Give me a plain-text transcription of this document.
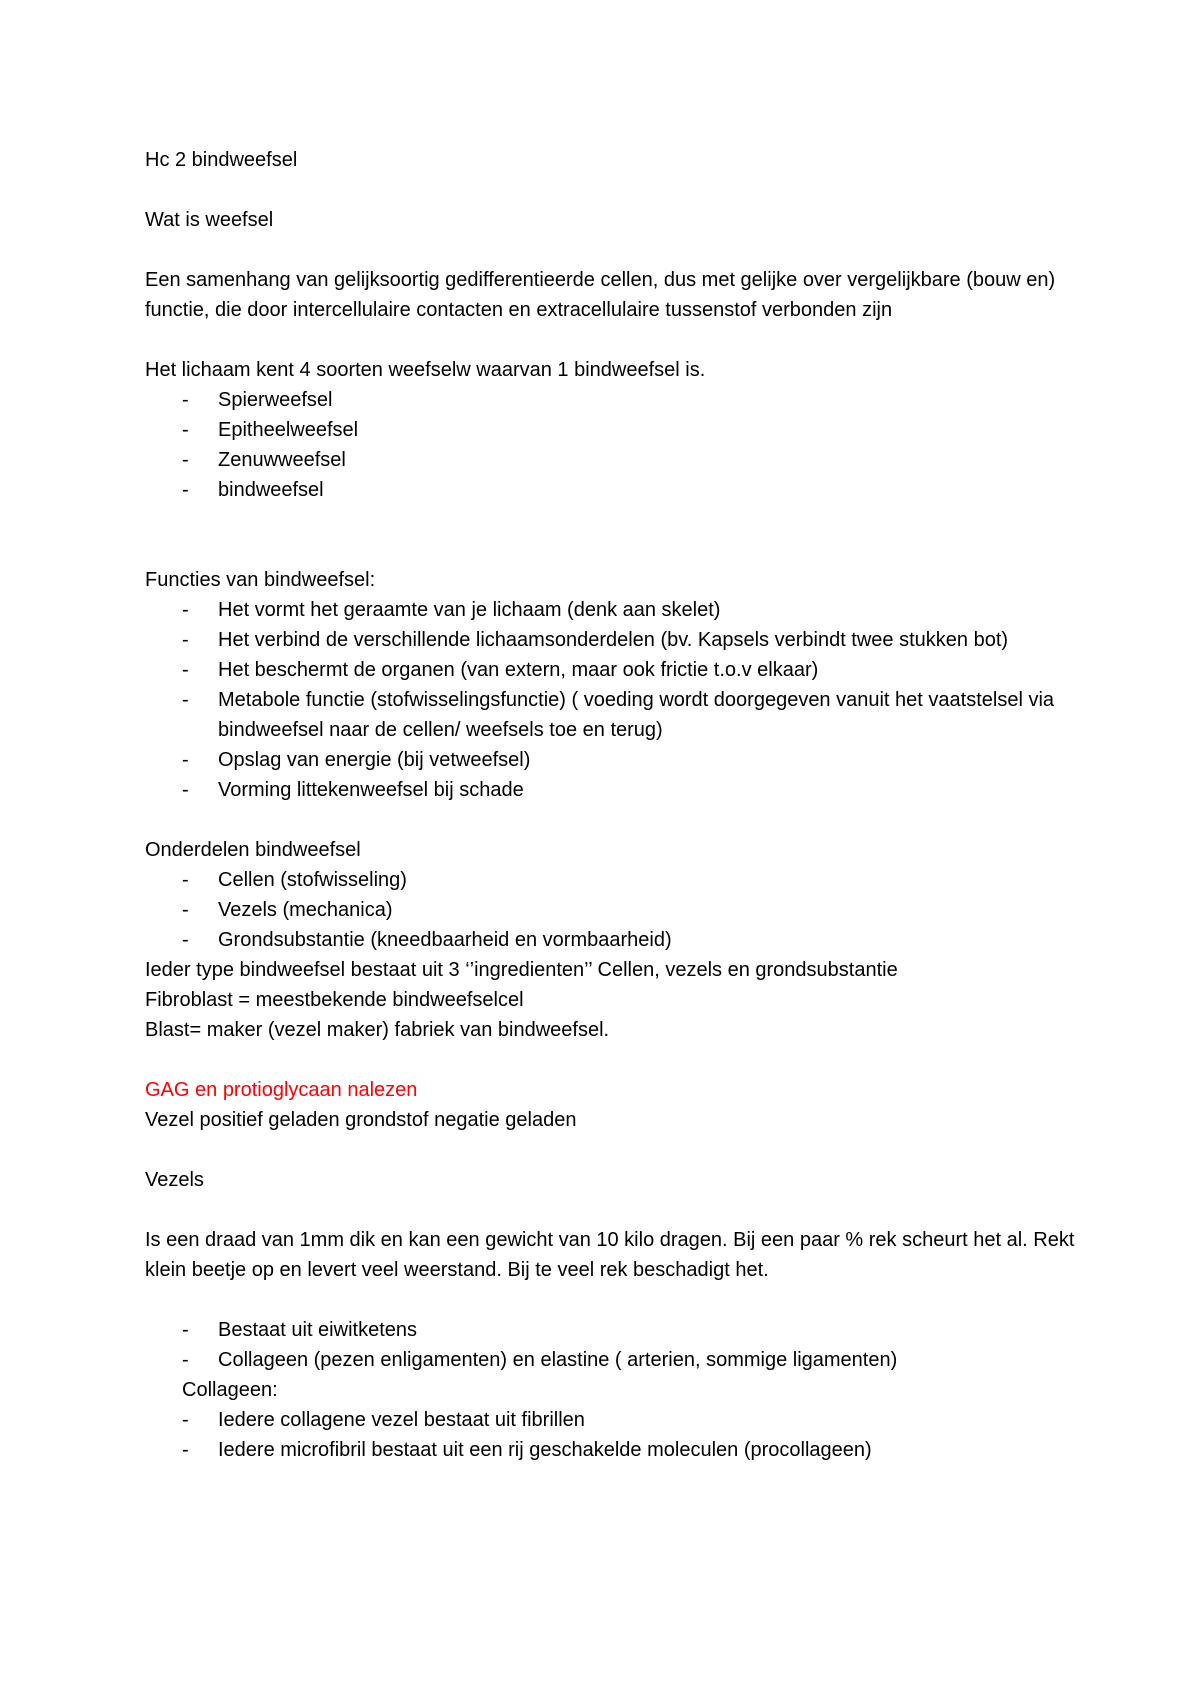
Hc 2 bindweefsel

Wat is weefsel

Een samenhang van gelijksoortig gedifferentieerde cellen, dus met gelijke over vergelijkbare (bouw en) functie, die door intercellulaire contacten en extracellulaire tussenstof verbonden zijn

Het lichaam kent 4 soorten weefselw waarvan 1 bindweefsel is.

- Spierweefsel
- Epitheelweefsel
- Zenuwweefsel
- bindweefsel

Functies van bindweefsel:

- Het vormt het geraamte van je lichaam (denk aan skelet)
- Het verbind de verschillende lichaamsonderdelen (bv. Kapsels verbindt twee stukken bot)
- Het beschermt de organen (van extern, maar ook frictie t.o.v elkaar)
- Metabole functie (stofwisselingsfunctie) ( voeding wordt doorgegeven vanuit het vaatstelsel via bindweefsel naar de cellen/ weefsels toe en terug)
- Opslag van energie (bij vetweefsel)
- Vorming littekenweefsel bij schade

Onderdelen bindweefsel

- Cellen (stofwisseling)
- Vezels (mechanica)
- Grondsubstantie (kneedbaarheid en vormbaarheid)

Ieder type bindweefsel bestaat uit 3 ‘’ingredienten’’ Cellen, vezels en grondsubstantie

Fibroblast = meestbekende bindweefselcel

Blast= maker (vezel maker) fabriek van bindweefsel.

GAG en protioglycaan nalezen

Vezel positief geladen grondstof negatie geladen

Vezels

Is een draad van 1mm dik en kan een gewicht van 10 kilo dragen. Bij een paar % rek scheurt het al. Rekt klein beetje op en levert veel weerstand. Bij te veel rek beschadigt het.

- Bestaat uit eiwitketens
- Collageen (pezen enligamenten) en elastine ( arterien, sommige ligamenten)

Collageen:

- Iedere collagene vezel bestaat uit fibrillen
- Iedere microfibril bestaat uit een rij geschakelde moleculen (procollageen)
